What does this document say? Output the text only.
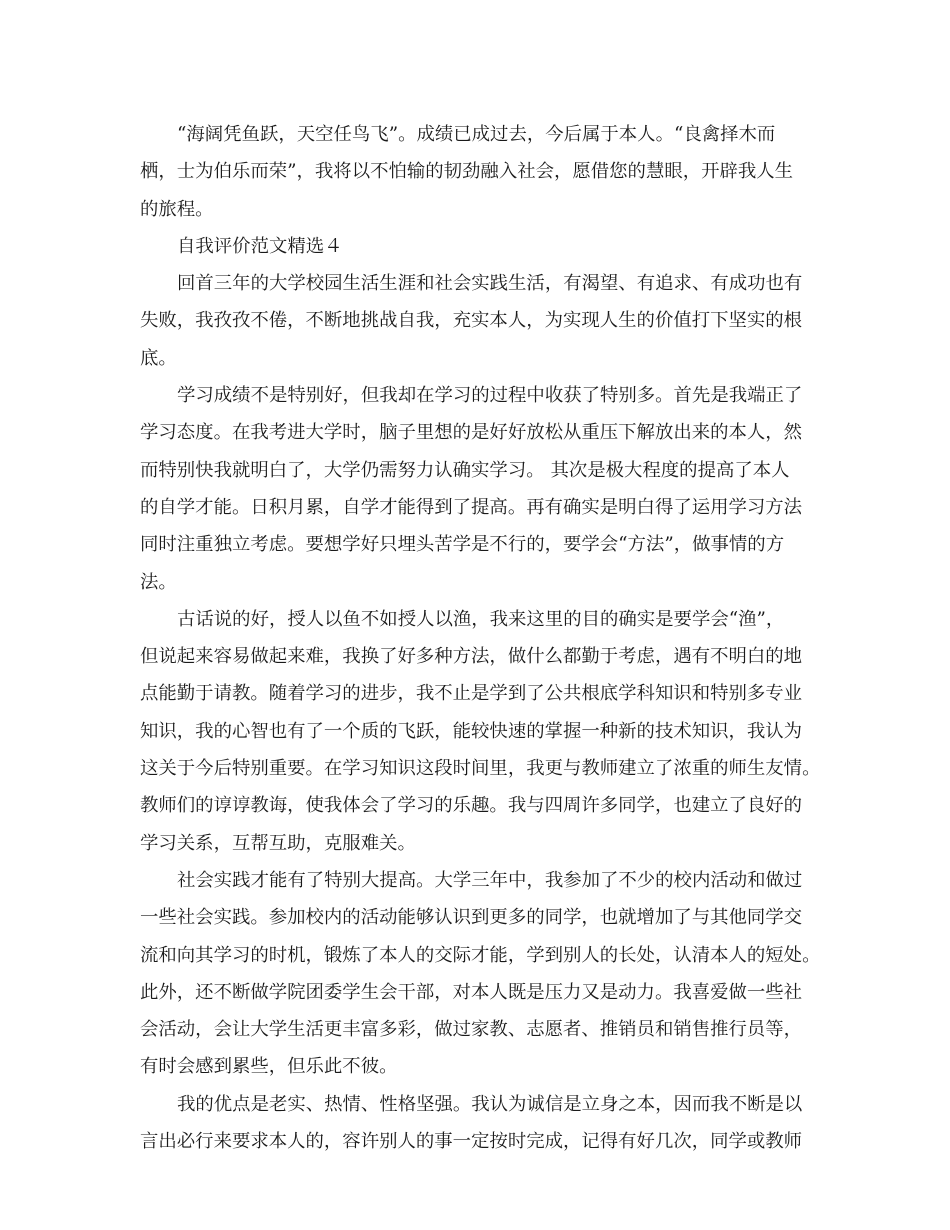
“海阔凭鱼跃，天空任鸟飞”。成绩已成过去，今后属于本人。“良禽择木而
栖，士为伯乐而荣”，我将以不怕输的韧劲融入社会，愿借您的慧眼，开辟我人生
的旅程。
自我评价范文精选４
回首三年的大学校园生活生涯和社会实践生活，有渴望、有追求、有成功也有
失败，我孜孜不倦，不断地挑战自我，充实本人，为实现人生的价值打下坚实的根
底。
学习成绩不是特别好，但我却在学习的过程中收获了特别多。首先是我端正了
学习态度。在我考进大学时，脑子里想的是好好放松从重压下解放出来的本人，然
而特别快我就明白了，大学仍需努力认确实学习。 其次是极大程度的提高了本人
的自学才能。日积月累，自学才能得到了提高。再有确实是明白得了运用学习方法
同时注重独立考虑。要想学好只埋头苦学是不行的，要学会“方法”，做事情的方
法。
古话说的好，授人以鱼不如授人以渔，我来这里的目的确实是要学会“渔”，
但说起来容易做起来难，我换了好多种方法，做什么都勤于考虑，遇有不明白的地
点能勤于请教。随着学习的进步，我不止是学到了公共根底学科知识和特别多专业
知识，我的心智也有了一个质的飞跃，能较快速的掌握一种新的技术知识，我认为
这关于今后特别重要。在学习知识这段时间里，我更与教师建立了浓重的师生友情。
教师们的谆谆教诲，使我体会了学习的乐趣。我与四周许多同学，也建立了良好的
学习关系，互帮互助，克服难关。
社会实践才能有了特别大提高。大学三年中，我参加了不少的校内活动和做过
一些社会实践。参加校内的活动能够认识到更多的同学，也就增加了与其他同学交
流和向其学习的时机，锻炼了本人的交际才能，学到别人的长处，认清本人的短处。
此外，还不断做学院团委学生会干部，对本人既是压力又是动力。我喜爱做一些社
会活动，会让大学生活更丰富多彩，做过家教、志愿者、推销员和销售推行员等，
有时会感到累些，但乐此不彼。
我的优点是老实、热情、性格坚强。我认为诚信是立身之本，因而我不断是以
言出必行来要求本人的，容许别人的事一定按时完成，记得有好几次，同学或教师
